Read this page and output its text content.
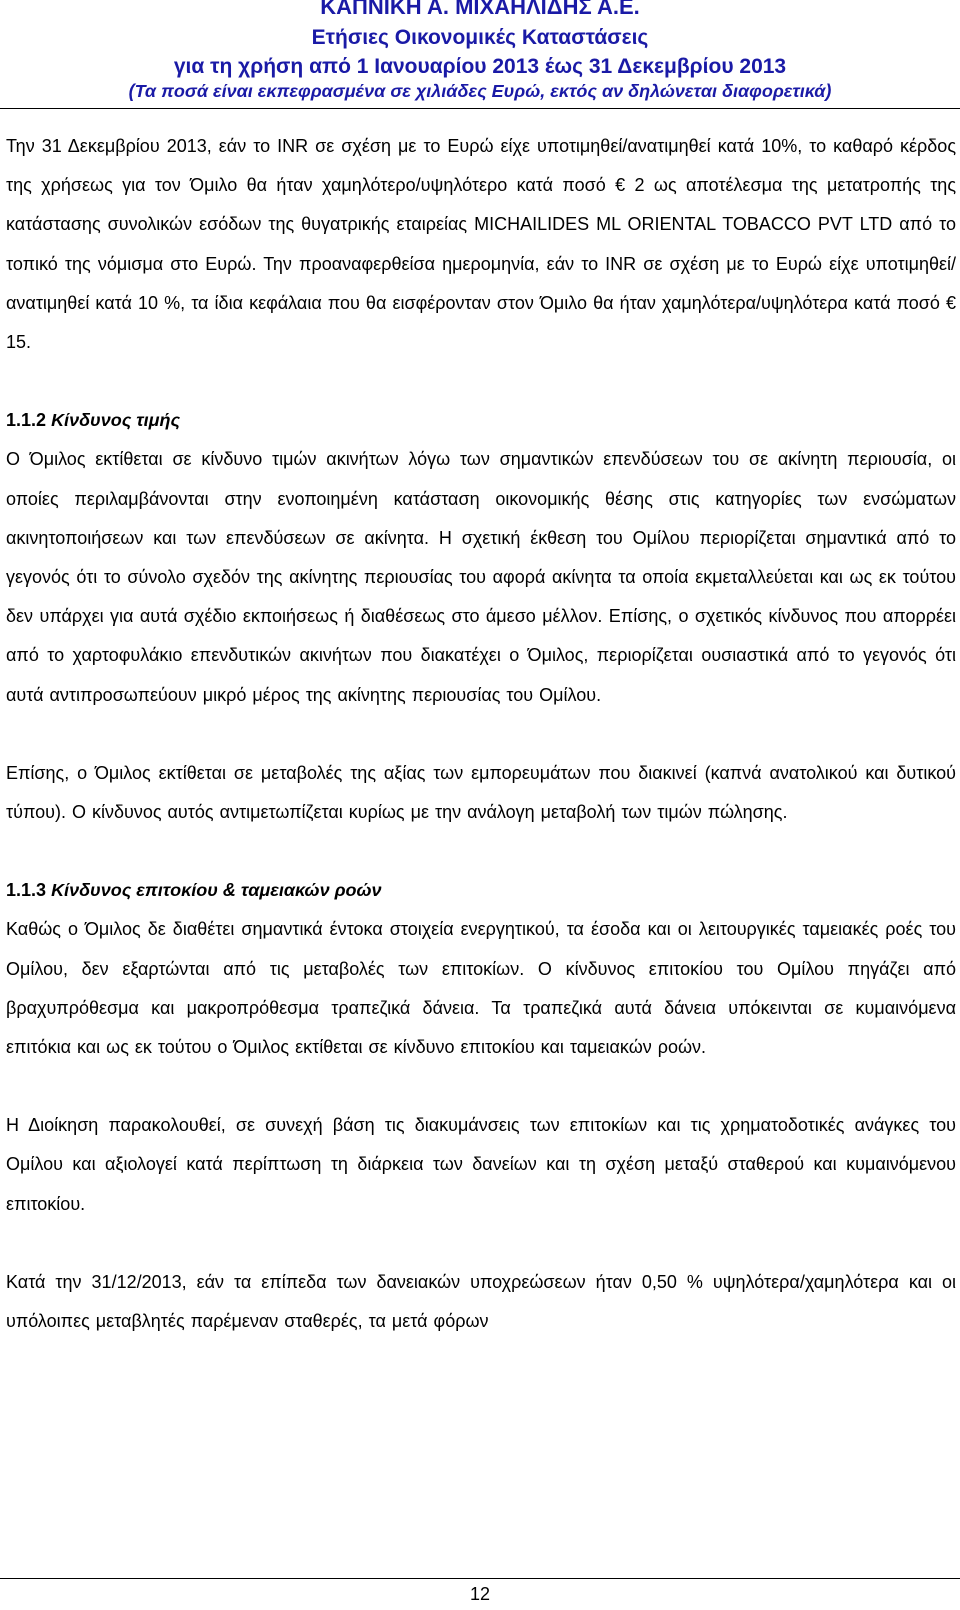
ΚΑΠΝΙΚΗ Α. ΜΙΧΑΗΛΙΔΗΣ Α.Ε.
Ετήσιες Οικονομικές Καταστάσεις
για τη χρήση από 1 Ιανουαρίου 2013 έως 31 Δεκεμβρίου 2013
(Τα ποσά είναι εκπεφρασμένα σε χιλιάδες Ευρώ, εκτός αν δηλώνεται διαφορετικά)

Την 31 Δεκεμβρίου 2013, εάν το INR σε σχέση με το Ευρώ είχε υποτιμηθεί/ανατιμηθεί κατά 10%, το καθαρό κέρδος της χρήσεως για τον Όμιλο θα ήταν χαμηλότερο/υψηλότερο κατά ποσό € 2 ως αποτέλεσμα της μετατροπής της κατάστασης συνολικών εσόδων της θυγατρικής εταιρείας MICHAILIDES ML ORIENTAL TOBACCO PVT LTD από το τοπικό της νόμισμα στο Ευρώ. Την προαναφερθείσα ημερομηνία, εάν το INR σε σχέση με το Ευρώ είχε υποτιμηθεί/ανατιμηθεί κατά 10 %, τα ίδια κεφάλαια που θα εισφέρονταν στον Όμιλο θα ήταν χαμηλότερα/υψηλότερα κατά ποσό € 15.

1.1.2 Κίνδυνος τιμής

Ο Όμιλος εκτίθεται σε κίνδυνο τιμών ακινήτων λόγω των σημαντικών επενδύσεων του σε ακίνητη περιουσία, οι οποίες περιλαμβάνονται στην ενοποιημένη κατάσταση οικονομικής θέσης στις κατηγορίες των ενσώματων ακινητοποιήσεων και των επενδύσεων σε ακίνητα. Η σχετική έκθεση του Ομίλου περιορίζεται σημαντικά από το γεγονός ότι το σύνολο σχεδόν της ακίνητης περιουσίας του αφορά ακίνητα τα οποία εκμεταλλεύεται και ως εκ τούτου δεν υπάρχει για αυτά σχέδιο εκποιήσεως ή διαθέσεως στο άμεσο μέλλον. Επίσης, ο σχετικός κίνδυνος που απορρέει από το χαρτοφυλάκιο επενδυτικών ακινήτων που διακατέχει ο Όμιλος, περιορίζεται ουσιαστικά από το γεγονός ότι αυτά αντιπροσωπεύουν μικρό μέρος της ακίνητης περιουσίας του Ομίλου.

Επίσης, ο Όμιλος εκτίθεται σε μεταβολές της αξίας των εμπορευμάτων που διακινεί (καπνά ανατολικού και δυτικού τύπου). Ο κίνδυνος αυτός αντιμετωπίζεται κυρίως με την ανάλογη μεταβολή των τιμών πώλησης.

1.1.3 Κίνδυνος επιτοκίου & ταμειακών ροών

Καθώς ο Όμιλος δε διαθέτει σημαντικά έντοκα στοιχεία ενεργητικού, τα έσοδα και οι λειτουργικές ταμειακές ροές του Ομίλου, δεν εξαρτώνται από τις μεταβολές των επιτοκίων. Ο κίνδυνος επιτοκίου του Ομίλου πηγάζει από βραχυπρόθεσμα και μακροπρόθεσμα τραπεζικά δάνεια. Τα τραπεζικά αυτά δάνεια υπόκεινται σε κυμαινόμενα επιτόκια και ως εκ τούτου ο Όμιλος εκτίθεται σε κίνδυνο επιτοκίου και ταμειακών ροών.

Η Διοίκηση παρακολουθεί, σε συνεχή βάση τις διακυμάνσεις των επιτοκίων και τις χρηματοδοτικές ανάγκες του Ομίλου και αξιολογεί κατά περίπτωση τη διάρκεια των δανείων και τη σχέση μεταξύ σταθερού και κυμαινόμενου επιτοκίου.

Κατά την 31/12/2013, εάν τα επίπεδα των δανειακών υποχρεώσεων ήταν 0,50 % υψηλότερα/χαμηλότερα και οι υπόλοιπες μεταβλητές παρέμεναν σταθερές, τα μετά φόρων

12
